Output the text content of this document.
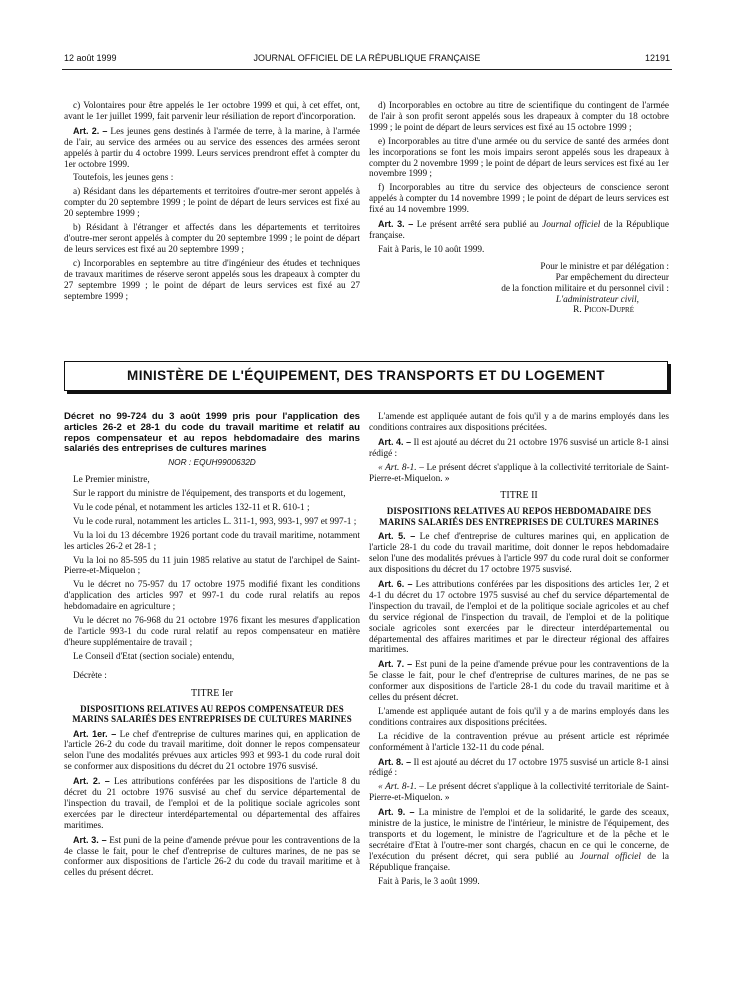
12 août 1999	JOURNAL OFFICIEL DE LA RÉPUBLIQUE FRANÇAISE	12191

c) Volontaires pour être appelés le 1er octobre 1999 et qui, à cet effet, ont, avant le 1er juillet 1999, fait parvenir leur résiliation de report d'incorporation.

Art. 2. – Les jeunes gens destinés à l'armée de terre, à la marine, à l'armée de l'air, au service des armées ou au service des essences des armées seront appelés à partir du 4 octobre 1999. Leurs services prendront effet à compter du 1er octobre 1999.

Toutefois, les jeunes gens :

a) Résidant dans les départements et territoires d'outre-mer seront appelés à compter du 20 septembre 1999 ; le point de départ de leurs services est fixé au 20 septembre 1999 ;

b) Résidant à l'étranger et affectés dans les départements et territoires d'outre-mer seront appelés à compter du 20 septembre 1999 ; le point de départ de leurs services est fixé au 20 septembre 1999 ;

c) Incorporables en septembre au titre d'ingénieur des études et techniques de travaux maritimes de réserve seront appelés sous les drapeaux à compter du 27 septembre 1999 ; le point de départ de leurs services est fixé au 27 septembre 1999 ;

d) Incorporables en octobre au titre de scientifique du contingent de l'armée de l'air à son profit seront appelés sous les drapeaux à compter du 18 octobre 1999 ; le point de départ de leurs services est fixé au 15 octobre 1999 ;

e) Incorporables au titre d'une armée ou du service de santé des armées dont les incorporations se font les mois impairs seront appelés sous les drapeaux à compter du 2 novembre 1999 ; le point de départ de leurs services est fixé au 1er novembre 1999 ;

f) Incorporables au titre du service des objecteurs de conscience seront appelés à compter du 14 novembre 1999 ; le point de départ de leurs services est fixé au 14 novembre 1999.

Art. 3. – Le présent arrêté sera publié au Journal officiel de la République française.

Fait à Paris, le 10 août 1999.

Pour le ministre et par délégation :
Par empêchement du directeur
de la fonction militaire et du personnel civil :
L'administrateur civil,
R. Picon-Dupré
MINISTÈRE DE L'ÉQUIPEMENT, DES TRANSPORTS ET DU LOGEMENT
Décret no 99-724 du 3 août 1999 pris pour l'application des articles 26-2 et 28-1 du code du travail maritime et relatif au repos compensateur et au repos hebdomadaire des marins salariés des entreprises de cultures marines
NOR : EQUH9900632D

Le Premier ministre,

Sur le rapport du ministre de l'équipement, des transports et du logement,

Vu le code pénal, et notamment les articles 132-11 et R. 610-1 ;

Vu le code rural, notamment les articles L. 311-1, 993, 993-1, 997 et 997-1 ;

Vu la loi du 13 décembre 1926 portant code du travail maritime, notamment les articles 26-2 et 28-1 ;

Vu la loi no 85-595 du 11 juin 1985 relative au statut de l'archipel de Saint-Pierre-et-Miquelon ;

Vu le décret no 75-957 du 17 octobre 1975 modifié fixant les conditions d'application des articles 997 et 997-1 du code rural relatifs au repos hebdomadaire en agriculture ;

Vu le décret no 76-968 du 21 octobre 1976 fixant les mesures d'application de l'article 993-1 du code rural relatif au repos compensateur en matière d'heure supplémentaire de travail ;

Le Conseil d'Etat (section sociale) entendu,

Décrète :

TITRE Ier
DISPOSITIONS RELATIVES AU REPOS COMPENSATEUR DES MARINS SALARIÉS DES ENTREPRISES DE CULTURES MARINES

Art. 1er. – Le chef d'entreprise de cultures marines qui, en application de l'article 26-2 du code du travail maritime, doit donner le repos compensateur selon l'une des modalités prévues aux articles 993 et 993-1 du code rural doit se conformer aux dispositions du décret du 21 octobre 1976 susvisé.

Art. 2. – Les attributions conférées par les dispositions de l'article 8 du décret du 21 octobre 1976 susvisé au chef du service départemental de l'inspection du travail, de l'emploi et de la politique sociale agricoles sont exercées par le directeur interdépartemental ou départemental des affaires maritimes.

Art. 3. – Est puni de la peine d'amende prévue pour les contraventions de la 4e classe le fait, pour le chef d'entreprise de cultures marines, de ne pas se conformer aux dispositions de l'article 26-2 du code du travail maritime et à celles du présent décret.

L'amende est appliquée autant de fois qu'il y a de marins employés dans les conditions contraires aux dispositions précitées.

Art. 4. – Il est ajouté au décret du 21 octobre 1976 susvisé un article 8-1 ainsi rédigé :

« Art. 8-1. – Le présent décret s'applique à la collectivité territoriale de Saint-Pierre-et-Miquelon. »

TITRE II
DISPOSITIONS RELATIVES AU REPOS HEBDOMADAIRE DES MARINS SALARIÉS DES ENTREPRISES DE CULTURES MARINES

Art. 5. – Le chef d'entreprise de cultures marines qui, en application de l'article 28-1 du code du travail maritime, doit donner le repos hebdomadaire selon l'une des modalités prévues à l'article 997 du code rural doit se conformer aux dispositions du décret du 17 octobre 1975 susvisé.

Art. 6. – Les attributions conférées par les dispositions des articles 1er, 2 et 4-1 du décret du 17 octobre 1975 susvisé au chef du service départemental de l'inspection du travail, de l'emploi et de la politique sociale agricoles et au chef du service régional de l'inspection du travail, de l'emploi et de la politique sociale agricoles sont exercées par le directeur interdépartemental ou départemental des affaires maritimes et par le directeur régional des affaires maritimes.

Art. 7. – Est puni de la peine d'amende prévue pour les contraventions de la 5e classe le fait, pour le chef d'entreprise de cultures marines, de ne pas se conformer aux dispositions de l'article 28-1 du code du travail maritime et à celles du présent décret.

L'amende est appliquée autant de fois qu'il y a de marins employés dans les conditions contraires aux dispositions précitées.

La récidive de la contravention prévue au présent article est réprimée conformément à l'article 132-11 du code pénal.

Art. 8. – Il est ajouté au décret du 17 octobre 1975 susvisé un article 8-1 ainsi rédigé :

« Art. 8-1. – Le présent décret s'applique à la collectivité territoriale de Saint-Pierre-et-Miquelon. »

Art. 9. – La ministre de l'emploi et de la solidarité, le garde des sceaux, ministre de la justice, le ministre de l'intérieur, le ministre de l'équipement, des transports et du logement, le ministre de l'agriculture et de la pêche et le secrétaire d'Etat à l'outre-mer sont chargés, chacun en ce qui le concerne, de l'exécution du présent décret, qui sera publié au Journal officiel de la République française.

Fait à Paris, le 3 août 1999.
